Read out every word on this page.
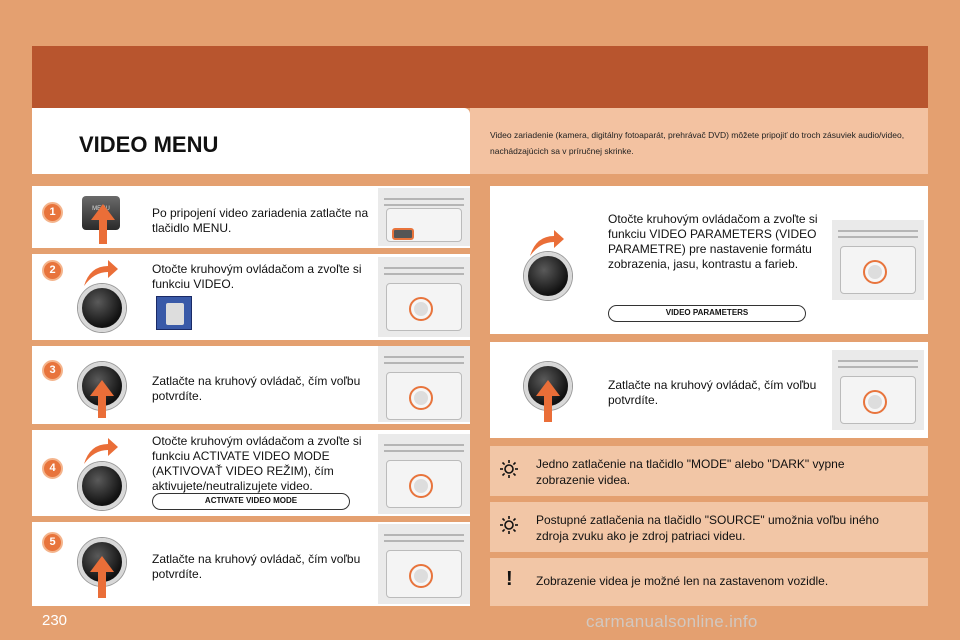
VIDEO MENU	Video zariadenie (kamera, digitálny fotoaparát, prehrávač DVD) môžete pripojiť do troch zásuviek audio/video, nachádzajúcich sa v príručnej skrinke.
1	MENU	Po pripojení video zariadenia zatlačte na tlačidlo MENU.
2	Otočte kruhovým ovládačom a zvoľte si funkciu VIDEO.
3
Zatlačte na kruhový ovládač, čím voľbu potvrdíte.
4
Otočte kruhovým ovládačom a zvoľte si funkciu ACTIVATE VIDEO MODE (AKTIVOVAŤ VIDEO REŽIM), čím aktivujete/neutralizujete video.
ACTIVATE VIDEO MODE
5
Zatlačte na kruhový ovládač, čím voľbu potvrdíte.
Otočte kruhovým ovládačom a zvoľte si funkciu VIDEO PARAMETERS (VIDEO PARAMETRE) pre nastavenie formátu zobrazenia, jasu, kontrastu a farieb.
VIDEO PARAMETERS
Zatlačte na kruhový ovládač, čím voľbu potvrdíte.
Jedno zatlačenie na tlačidlo "MODE" alebo "DARK" vypne zobrazenie videa.
Postupné zatlačenia na tlačidlo "SOURCE" umožnia voľbu iného zdroja zvuku ako je zdroj patriaci videu.
! Zobrazenie videa je možné len na zastavenom vozidle.
230	carmanualsonline.info
